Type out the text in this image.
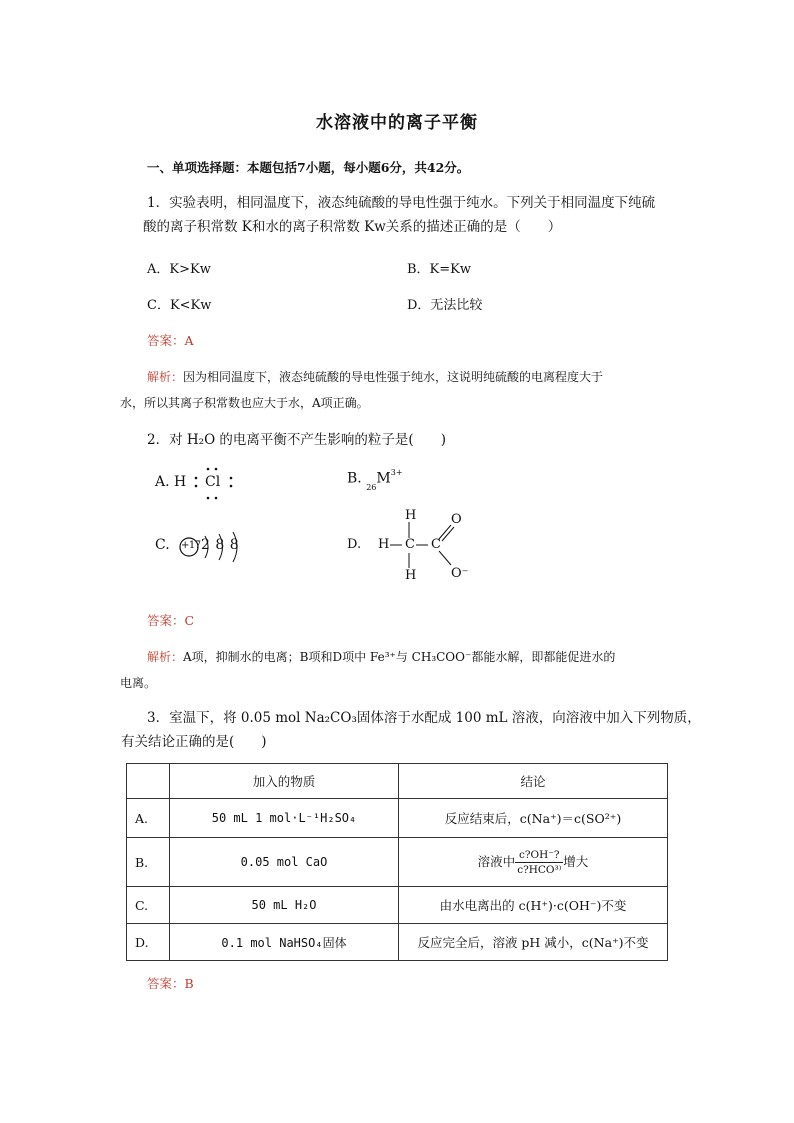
水溶液中的离子平衡
一、单项选择题：本题包括7小题，每小题6分，共42分。
1．实验表明，相同温度下，液态纯硫酸的导电性强于纯水。下列关于相同温度下纯硫
酸的离子积常数 K和水的离子积常数 Kw关系的描述正确的是（　　）
A．K>Kw	B．K=Kw
C．K<Kw	D．无法比较
答案：A
解析：因为相同温度下，液态纯硫酸的导电性强于纯水，这说明纯硫酸的电离程度大于
水，所以其离子积常数也应大于水，A项正确。
2．对 H₂O 的电离平衡不产生影响的粒子是(　　)
A. H Cl	B. $_{26}M^{3+}$
C. +17 2 8 8	D. H
H
C
H
C
O
O⁻
答案：C
解析：A项，抑制水的电离；B项和D项中 Fe³⁺与 CH₃COO⁻都能水解，即都能促进水的
电离。
3．室温下，将 0.05 mol Na₂CO₃固体溶于水配成 100 mL 溶液，向溶液中加入下列物质，
有关结论正确的是(　　)
	加入的物质	结论
A.	50 mL 1 mol·L⁻¹H₂SO₄	反应结束后，c(Na⁺)＝c(SO²⁺)
B.	0.05 mol CaO	溶液中 $\frac{c?OH^-?}{\text{c?HCO³⁾}}$ 增大
C.	50 mL H₂O	由水电离出的 c(H⁺)·c(OH⁻)不变
D.	0.1 mol NaHSO₄固体	反应完全后，溶液 pH 减小，c(Na⁺)不变
答案：B
